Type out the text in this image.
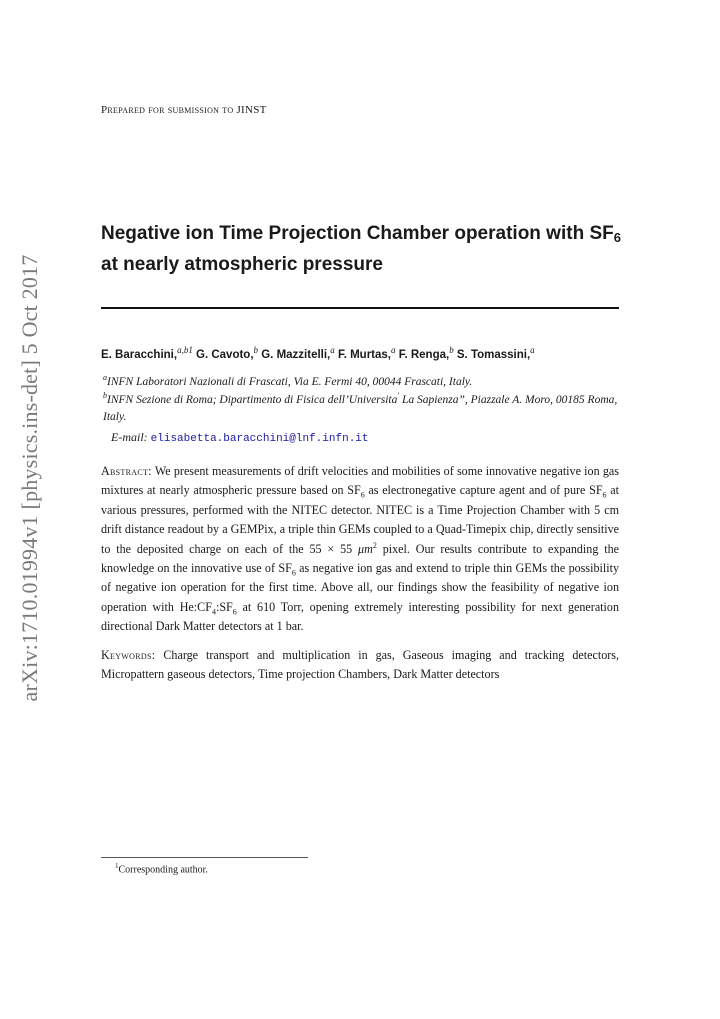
arXiv:1710.01994v1 [physics.ins-det] 5 Oct 2017
Prepared for submission to JINST
Negative ion Time Projection Chamber operation with $SF_6$
at nearly atmospheric pressure
E. Baracchini,$^{a,b1}$ G. Cavoto,$^b$ G. Mazzitelli,$^a$ F. Murtas,$^a$ F. Renga,$^b$ S. Tomassini,$^a$
$^a$INFN Laboratori Nazionali di Frascati, Via E. Fermi 40, 00044 Frascati, Italy.
$^b$INFN Sezione di Roma; Dipartimento di Fisica dell’Universita' La Sapienza”, Piazzale A. Moro, 00185 Roma, Italy.
E-mail: elisabetta.baracchini@lnf.infn.it
Abstract: We present measurements of drift velocities and mobilities of some innovative negative ion gas mixtures at nearly atmospheric pressure based on $SF_6$ as electronegative capture agent and of pure $SF_6$ at various pressures, performed with the NITEC detector. NITEC is a Time Projection Chamber with 5 cm drift distance readout by a GEMPix, a triple thin GEMs coupled to a Quad-Timepix chip, directly sensitive to the deposited charge on each of the 55 × 55 $\mu m^2$ pixel. Our results contribute to expanding the knowledge on the innovative use of $SF_6$ as negative ion gas and extend to triple thin GEMs the possibility of negative ion operation for the first time. Above all, our findings show the feasibility of negative ion operation with $He:CF_4:SF_6$ at 610 Torr, opening extremely interesting possibility for next generation directional Dark Matter detectors at 1 bar.
Keywords: Charge transport and multiplication in gas, Gaseous imaging and tracking detectors, Micropattern gaseous detectors, Time projection Chambers, Dark Matter detectors
$^1$Corresponding author.
